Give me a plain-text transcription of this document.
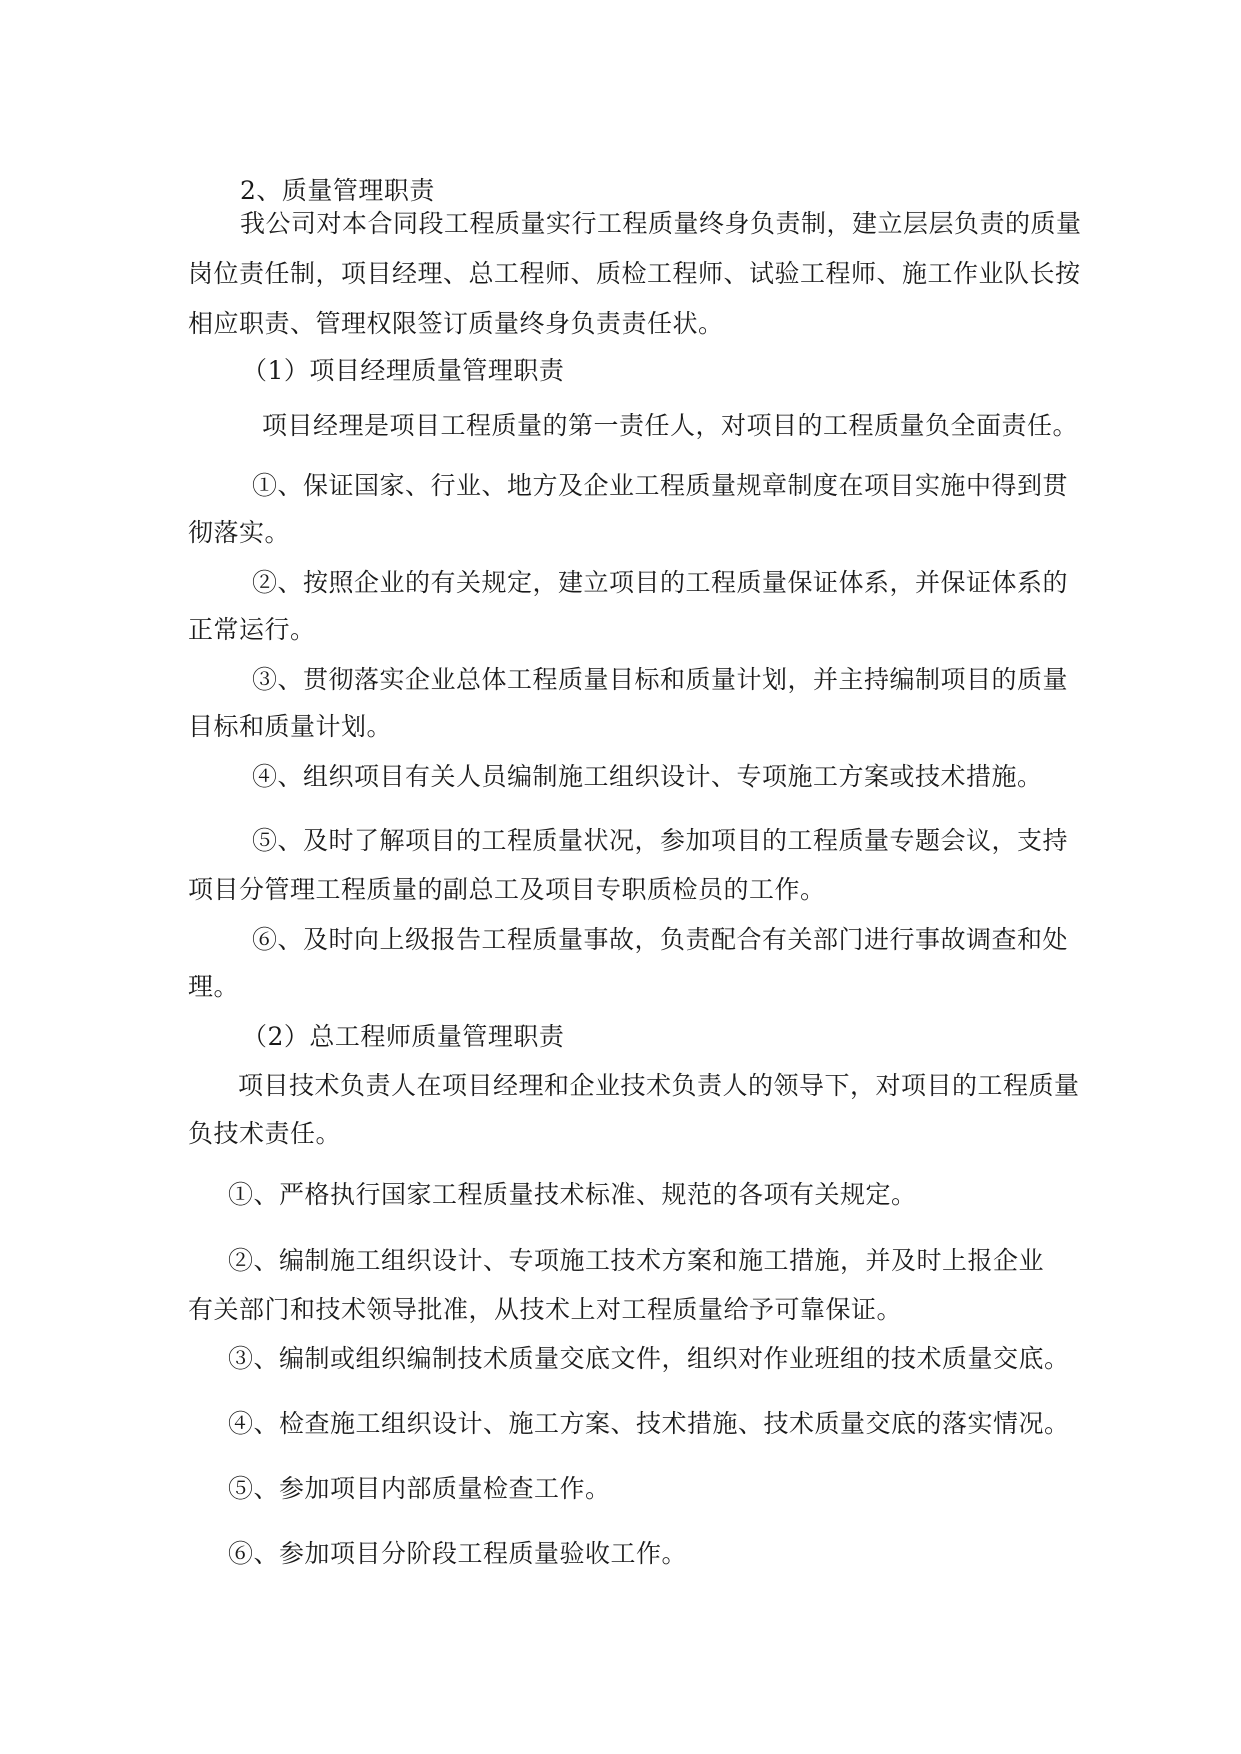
2、质量管理职责
我公司对本合同段工程质量实行工程质量终身负责制，建立层层负责的质量
岗位责任制，项目经理、总工程师、质检工程师、试验工程师、施工作业队长按
相应职责、管理权限签订质量终身负责责任状。
（1）项目经理质量管理职责
项目经理是项目工程质量的第一责任人，对项目的工程质量负全面责任。
①、保证国家、行业、地方及企业工程质量规章制度在项目实施中得到贯
彻落实。
②、按照企业的有关规定，建立项目的工程质量保证体系，并保证体系的
正常运行。
③、贯彻落实企业总体工程质量目标和质量计划，并主持编制项目的质量
目标和质量计划。
④、组织项目有关人员编制施工组织设计、专项施工方案或技术措施。
⑤、及时了解项目的工程质量状况，参加项目的工程质量专题会议，支持
项目分管理工程质量的副总工及项目专职质检员的工作。
⑥、及时向上级报告工程质量事故，负责配合有关部门进行事故调查和处
理。
（2）总工程师质量管理职责
项目技术负责人在项目经理和企业技术负责人的领导下，对项目的工程质量
负技术责任。
①、严格执行国家工程质量技术标准、规范的各项有关规定。
②、编制施工组织设计、专项施工技术方案和施工措施，并及时上报企业
有关部门和技术领导批准，从技术上对工程质量给予可靠保证。
③、编制或组织编制技术质量交底文件，组织对作业班组的技术质量交底。
④、检查施工组织设计、施工方案、技术措施、技术质量交底的落实情况。
⑤、参加项目内部质量检查工作。
⑥、参加项目分阶段工程质量验收工作。
